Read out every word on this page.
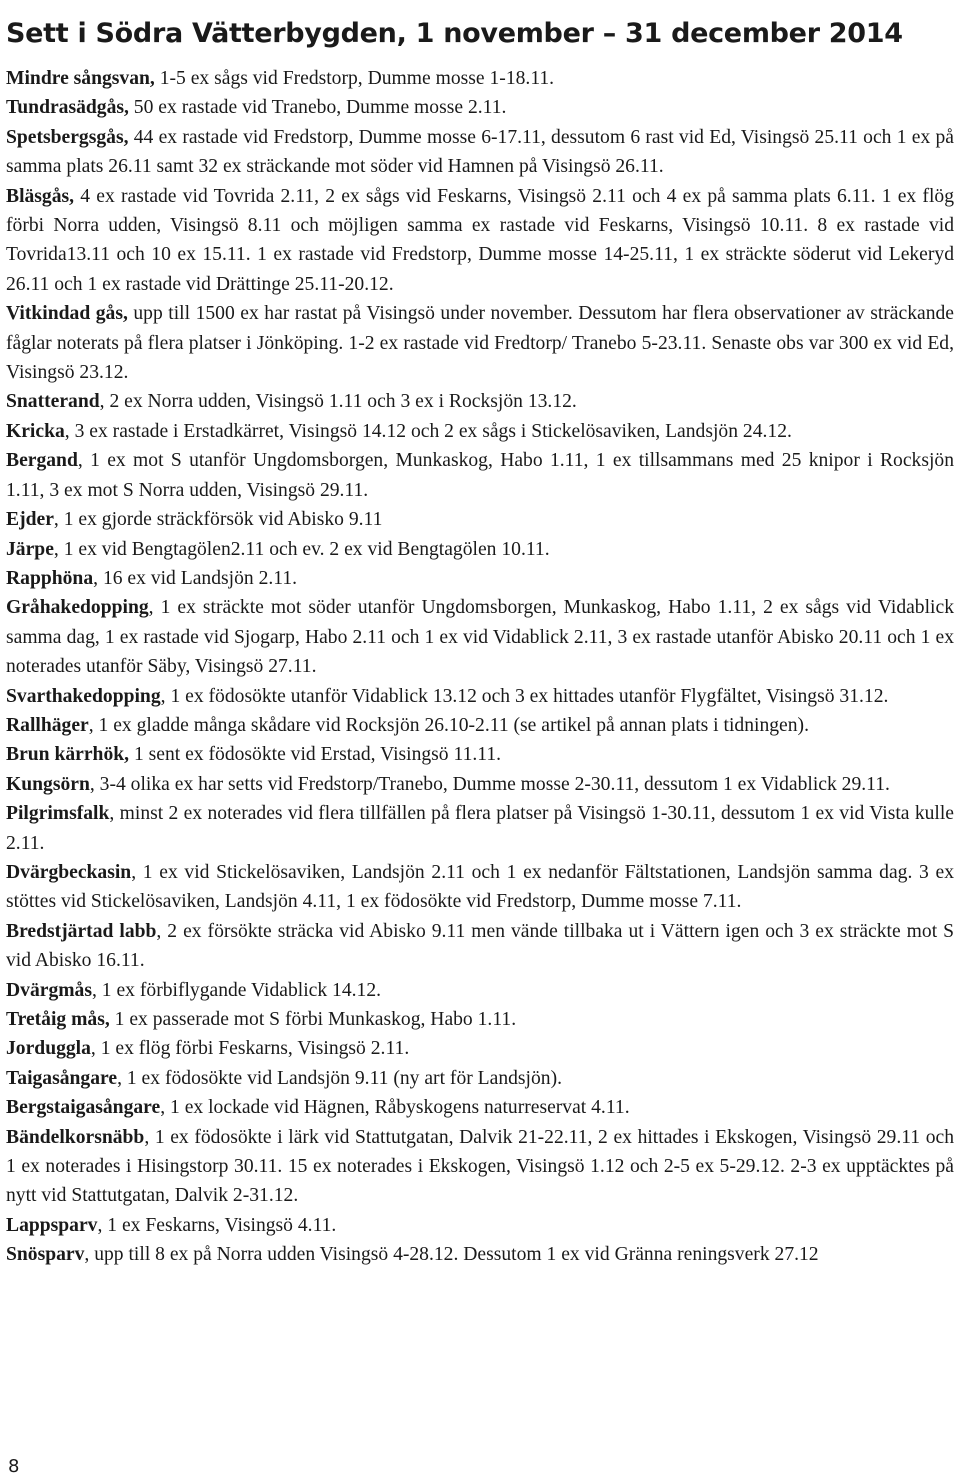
Sett i Södra Vätterbygden, 1 november – 31 december 2014

Mindre sångsvan, 1-5 ex sågs vid Fredstorp, Dumme mosse 1-18.11.

Tundrasädgås, 50 ex rastade vid Tranebo, Dumme mosse 2.11.

Spetsbergsgås, 44 ex rastade vid Fredstorp, Dumme mosse 6-17.11, dessutom 6 rast vid Ed, Visingsö 25.11 och 1 ex på samma plats 26.11 samt 32 ex sträckande mot söder vid Hamnen på Visingsö 26.11.

Bläsgås, 4 ex rastade vid Tovrida 2.11, 2 ex sågs vid Feskarns, Visingsö 2.11 och 4 ex på samma plats 6.11. 1 ex flög förbi Norra udden, Visingsö 8.11 och möjligen samma ex rastade vid Feskarns, Visingsö 10.11. 8 ex rastade vid Tovrida13.11 och 10 ex 15.11. 1 ex rastade vid Fredstorp, Dumme mosse 14-25.11, 1 ex sträckte söderut vid Lekeryd 26.11 och 1 ex rastade vid Drättinge 25.11-20.12.

Vitkindad gås, upp till 1500 ex har rastat på Visingsö under november. Dessutom har flera observationer av sträckande fåglar noterats på flera platser i Jönköping. 1-2 ex rastade vid Fredtorp/ Tranebo 5-23.11. Senaste obs var 300 ex vid Ed, Visingsö 23.12.

Snatterand, 2 ex Norra udden, Visingsö 1.11 och 3 ex i Rocksjön 13.12.

Kricka, 3 ex rastade i Erstadkärret, Visingsö 14.12 och 2 ex sågs i Stickelösaviken, Landsjön 24.12.

Bergand, 1 ex mot S utanför Ungdomsborgen, Munkaskog, Habo 1.11, 1 ex tillsammans med 25 knipor i Rocksjön 1.11, 3 ex mot S Norra udden, Visingsö 29.11.

Ejder, 1 ex gjorde sträckförsök vid Abisko 9.11

Järpe, 1 ex vid Bengtagölen2.11 och ev. 2 ex vid Bengtagölen 10.11.

Rapphöna, 16 ex vid Landsjön 2.11.

Gråhakedopping, 1 ex sträckte mot söder utanför Ungdomsborgen, Munkaskog, Habo 1.11, 2 ex sågs vid Vidablick samma dag, 1 ex rastade vid Sjogarp, Habo 2.11 och 1 ex vid Vidablick 2.11, 3 ex rastade utanför Abisko 20.11 och 1 ex noterades utanför Säby, Visingsö 27.11.

Svarthakedopping, 1 ex födosökte utanför Vidablick 13.12 och 3 ex hittades utanför Flygfältet, Visingsö 31.12.

Rallhäger, 1 ex gladde många skådare vid Rocksjön 26.10-2.11 (se artikel på annan plats i tidningen).

Brun kärrhök, 1 sent ex födosökte vid Erstad, Visingsö 11.11.

Kungsörn, 3-4 olika ex har setts vid Fredstorp/Tranebo, Dumme mosse 2-30.11, dessutom 1 ex Vidablick 29.11.

Pilgrimsfalk, minst 2 ex noterades vid flera tillfällen på flera platser på Visingsö 1-30.11, dessutom 1 ex vid Vista kulle 2.11.

Dvärgbeckasin, 1 ex vid Stickelösaviken, Landsjön 2.11 och 1 ex nedanför Fältstationen, Landsjön samma dag. 3 ex stöttes vid Stickelösaviken, Landsjön 4.11, 1 ex födosökte vid Fredstorp, Dumme mosse 7.11.

Bredstjärtad labb, 2 ex försökte sträcka vid Abisko 9.11 men vände tillbaka ut i Vättern igen och 3 ex sträckte mot S vid Abisko 16.11.

Dvärgmås, 1 ex förbiflygande Vidablick 14.12.

Tretåig mås, 1 ex passerade mot S förbi Munkaskog, Habo 1.11.

Jorduggla, 1 ex flög förbi Feskarns, Visingsö 2.11.

Taigasångare, 1 ex födosökte vid Landsjön 9.11 (ny art för Landsjön).

Bergstaigasångare, 1 ex lockade vid Hägnen, Råbyskogens naturreservat 4.11.

Bändelkorsnäbb, 1 ex födosökte i lärk vid Stattutgatan, Dalvik 21-22.11, 2 ex hittades i Ekskogen, Visingsö 29.11 och 1 ex noterades i Hisingstorp 30.11. 15 ex noterades i Ekskogen, Visingsö 1.12 och 2-5 ex 5-29.12. 2-3 ex upptäcktes på nytt vid Stattutgatan, Dalvik 2-31.12.

Lappsparv, 1 ex Feskarns, Visingsö 4.11.

Snösparv, upp till 8 ex på Norra udden Visingsö 4-28.12. Dessutom 1 ex vid Gränna reningsverk 27.12

8
